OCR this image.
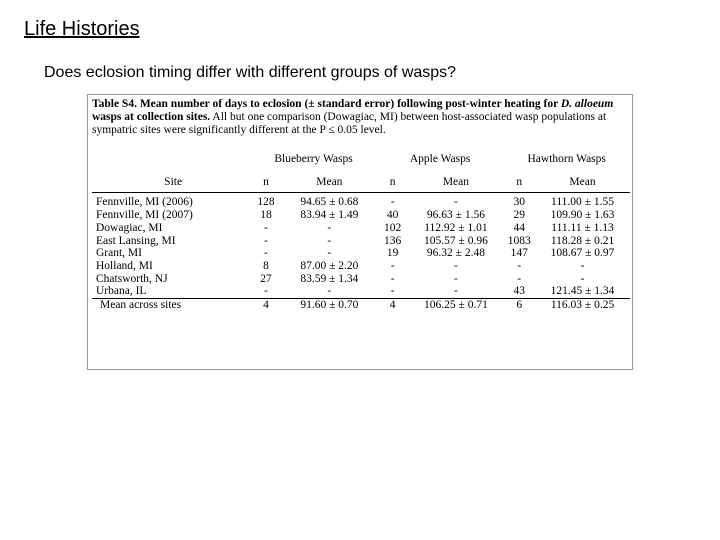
Life Histories
Does eclosion timing differ with different groups of wasps?
Table S4. Mean number of days to eclosion (± standard error) following post-winter heating for D. alloeum wasps at collection sites. All but one comparison (Dowagiac, MI) between host-associated wasp populations at sympatric sites were significantly different at the P ≤ 0.05 level.
	Blueberry Wasps		Apple Wasps		Hawthorn Wasps	
Site	n	Mean	n	Mean	n	Mean
Fennville, MI (2006)	128	94.65 ± 0.68	-	-	30	111.00 ± 1.55
Fennville, MI (2007)	18	83.94 ± 1.49	40	96.63 ± 1.56	29	109.90 ± 1.63
Dowagiac, MI	-	-	102	112.92 ± 1.01	44	111.11 ± 1.13
East Lansing, MI	-	-	136	105.57 ± 0.96	1083	118.28 ± 0.21
Grant, MI	-	-	19	96.32 ± 2.48	147	108.67 ± 0.97
Holland, MI	8	87.00 ± 2.20	-	-	-	-
Chatsworth, NJ	27	83.59 ± 1.34	-	-	-	-
Urbana, IL	-	-	-	-	43	121.45 ± 1.34
Mean across sites	4	91.60 ± 0.70	4	106.25 ± 0.71	6	116.03 ± 0.25
